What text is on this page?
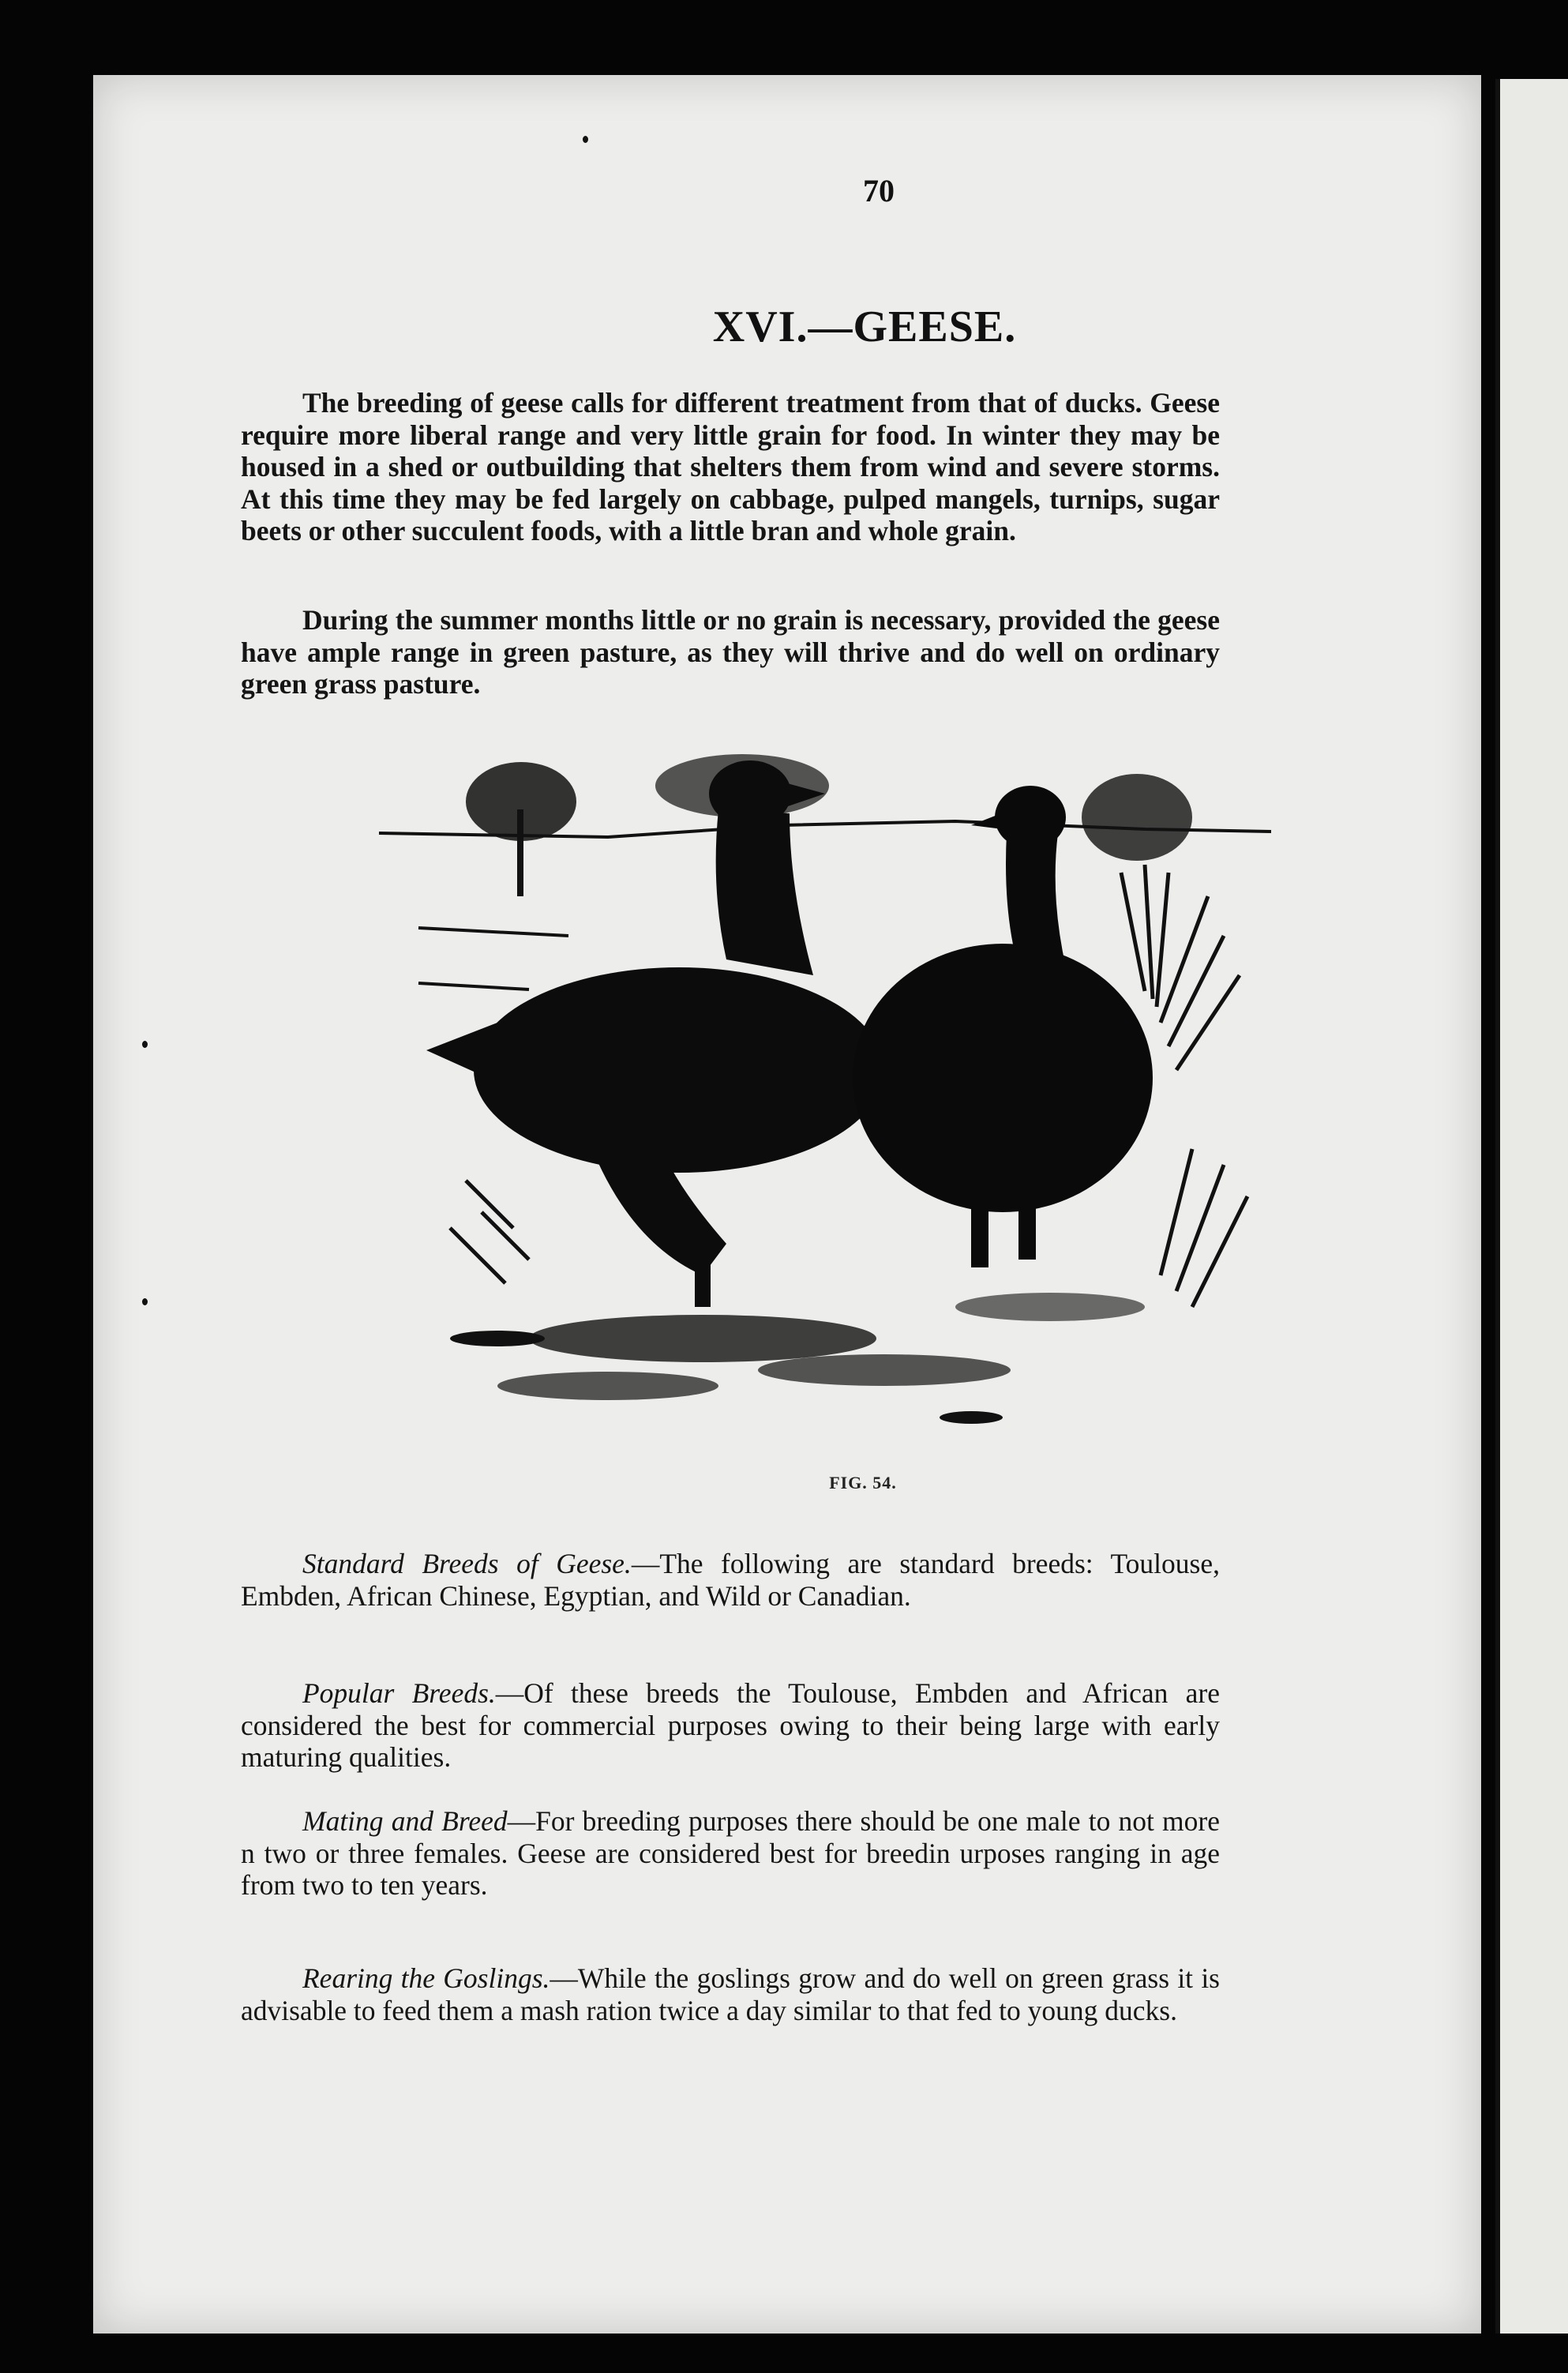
70
XVI.—GEESE.

The breeding of geese calls for different treatment from that of ducks. Geese require more liberal range and very little grain for food. In winter they may be housed in a shed or outbuilding that shelters them from wind and severe storms. At this time they may be fed largely on cabbage, pulped mangels, turnips, sugar beets or other succulent foods, with a little bran and whole grain.

During the summer months little or no grain is necessary, provided the geese have ample range in green pasture, as they will thrive and do well on ordinary green grass pasture.

FIG. 54.

Standard Breeds of Geese.—The following are standard breeds: Toulouse, Embden, African Chinese, Egyptian, and Wild or Canadian.

Popular Breeds.—Of these breeds the Toulouse, Embden and African are considered the best for commercial purposes owing to their being large with early maturing qualities.

Mating and Breed—For breeding purposes there should be one male to not more n two or three females. Geese are considered best for breedin urposes ranging in age from two to ten years.

Rearing the Goslings.—While the goslings grow and do well on green grass it is advisable to feed them a mash ration twice a day similar to that fed to young ducks.
